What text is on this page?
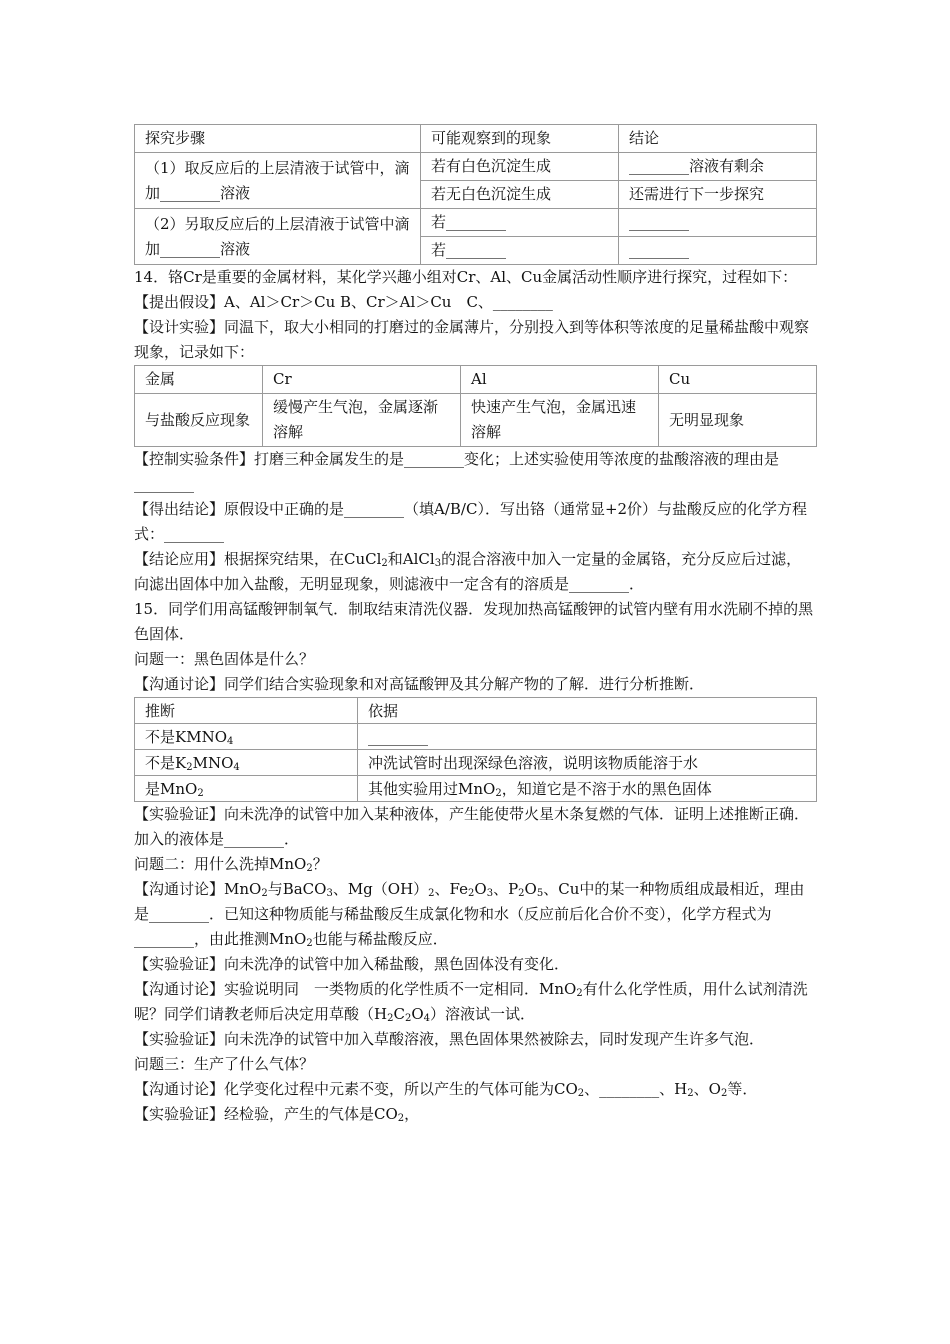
探究步骤	可能观察到的现象	结论
（1）取反应后的上层清液于试管中，滴加________溶液	若有白色沉淀生成	________溶液有剩余
	若无白色沉淀生成	还需进行下一步探究
（2）另取反应后的上层清液于试管中滴加________溶液	若________	________
	若________	________

14．铬Cr是重要的金属材料，某化学兴趣小组对Cr、Al、Cu金属活动性顺序进行探究，过程如下：

【提出假设】A、Al＞Cr＞Cu B、Cr＞Al＞Cu　C、________

【设计实验】同温下，取大小相同的打磨过的金属薄片，分别投入到等体积等浓度的足量稀盐酸中观察现象，记录如下：

金属	Cr	Al	Cu
与盐酸反应现象	缓慢产生气泡，金属逐渐溶解	快速产生气泡，金属迅速溶解	无明显现象

【控制实验条件】打磨三种金属发生的是________变化；上述实验使用等浓度的盐酸溶液的理由是________

【得出结论】原假设中正确的是________（填A/B/C）．写出铬（通常显+2价）与盐酸反应的化学方程式：________

【结论应用】根据探究结果，在CuCl$_2$和AlCl$_3$的混合溶液中加入一定量的金属铬，充分反应后过滤，向滤出固体中加入盐酸，无明显现象，则滤液中一定含有的溶质是________．

15．同学们用高锰酸钾制氧气．制取结束清洗仪器．发现加热高锰酸钾的试管内壁有用水洗刷不掉的黑色固体．

问题一：黑色固体是什么？

【沟通讨论】同学们结合实验现象和对高锰酸钾及其分解产物的了解．进行分析推断．

推断	依据
不是$KMNO_4$	________
不是$K_2MNO_4$	冲洗试管时出现深绿色溶液，说明该物质能溶于水
是MnO$_2$	其他实验用过MnO$_2$，知道它是不溶于水的黑色固体

【实验验证】向未洗净的试管中加入某种液体，产生能使带火星木条复燃的气体．证明上述推断正确．

加入的液体是________．

问题二：用什么洗掉MnO$_2$？

【沟通讨论】MnO$_2$与BaCO$_3$、$Mg(OH)_2$、$Fe_2O_3$、$P_2O_5$、Cu中的某一种物质组成最相近，理由是________．已知这种物质能与稀盐酸反生成氯化物和水（反应前后化合价不变），化学方程式为________，由此推测MnO$_2$也能与稀盐酸反应．

【实验验证】向未洗净的试管中加入稀盐酸，黑色固体没有变化．

【沟通讨论】实验说明同　一类物质的化学性质不一定相同．MnO$_2$有什么化学性质，用什么试剂清洗呢？同学们请教老师后决定用草酸$(H_2C_2O_4)$溶液试一试．

【实验验证】向未洗净的试管中加入草酸溶液，黑色固体果然被除去，同时发现产生许多气泡．

问题三：生产了什么气体？

【沟通讨论】化学变化过程中元素不变，所以产生的气体可能为$CO_2$、________、$H_2$、$O_2$等．

【实验验证】经检验，产生的气体是$CO_2$，
